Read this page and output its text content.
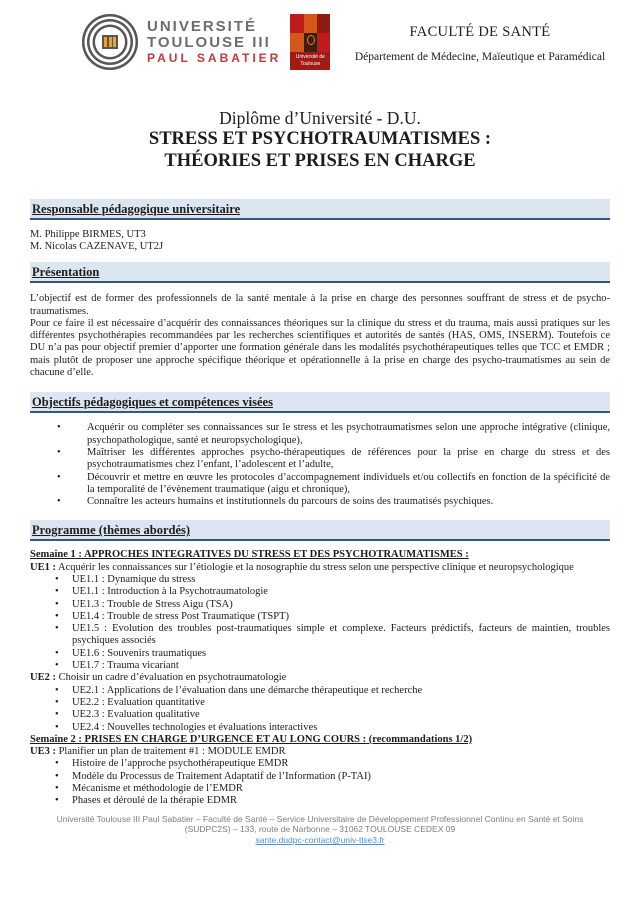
UNIVERSITÉ
TOULOUSE III
PAUL SABATIER	Université de Toulouse
FACULTÉ DE SANTÉ
Département de Médecine, Maïeutique et Paramédical
Diplôme d’Université - D.U.
STRESS ET PSYCHOTRAUMATISMES :
THÉORIES ET PRISES EN CHARGE
Responsable pédagogique universitaire
M. Philippe BIRMES, UT3
M. Nicolas CAZENAVE, UT2J
Présentation
L’objectif est de former des professionnels de la santé mentale à la prise en charge des personnes souffrant de stress et de psycho-traumatismes.
Pour ce faire il est nécessaire d’acquérir des connaissances théoriques sur la clinique du stress et du trauma, mais aussi pratiques sur les différentes psychothérapies recommandées par les recherches scientifiques et autorités de santés (HAS, OMS, INSERM). Toutefois ce DU n’a pas pour objectif premier d’apporter une formation générale dans les modalités psychothérapeutiques telles que TCC et EMDR ; mais plutôt de proposer une approche spécifique théorique et opérationnelle à la prise en charge des psycho-traumatismes au sein de chacune d’elle.
Objectifs pédagogiques et compétences visées
• Acquérir ou compléter ses connaissances sur le stress et les psychotraumatismes selon une approche intégrative (clinique, psychopathologique, santé et neuropsychologique),
• Maîtriser les différentes approches psycho-thérapeutiques de références pour la prise en charge du stress et des psychotraumatismes chez l’enfant, l’adolescent et l’adulte,
• Découvrir et mettre en œuvre les protocoles d’accompagnement individuels et/ou collectifs en fonction de la spécificité de la temporalité de l’évènement traumatique (aigu et chronique),
• Connaître les acteurs humains et institutionnels du parcours de soins des traumatisés psychiques.
Programme (thèmes abordés)
Semaine 1 : APPROCHES INTEGRATIVES DU STRESS ET DES PSYCHOTRAUMATISMES :
UE1 : Acquérir les connaissances sur l’étiologie et la nosographie du stress selon une perspective clinique et neuropsychologique
• UE1.1 : Dynamique du stress
• UE1.1 : Introduction à la Psychotraumatologie
• UE1.3 : Trouble de Stress Aigu (TSA)
• UE1.4 : Trouble de stress Post Traumatique (TSPT)
• UE1.5 : Evolution des troubles post-traumatiques simple et complexe. Facteurs prédictifs, facteurs de maintien, troubles psychiques associés
• UE1.6 : Souvenirs traumatiques
• UE1.7 : Trauma vicariant
UE2 : Choisir un cadre d’évaluation en psychotraumatologie
• UE2.1 : Applications de l’évaluation dans une démarche thérapeutique et recherche
• UE2.2 : Evaluation quantitative
• UE2.3 : Evaluation qualitative
• UE2.4 : Nouvelles technologies et évaluations interactives
Semaine 2 : PRISES EN CHARGE D’URGENCE ET AU LONG COURS : (recommandations 1/2)
UE3 : Planifier un plan de traitement #1 : MODULE EMDR
• Histoire de l’approche psychothérapeutique EMDR
• Modèle du Processus de Traitement Adaptatif de l’Information (P-TAI)
• Mécanisme et méthodologie de l’EMDR
• Phases et déroulé de la thérapie EDMR
Université Toulouse III Paul Sabatier – Faculté de Santé – Service Universitaire de Développement Professionnel Continu en Santé et Soins
(SUDPC2S) – 133, route de Narbonne – 31062 TOULOUSE CEDEX 09
sante.dudpc-contact@univ-tlse3.fr
